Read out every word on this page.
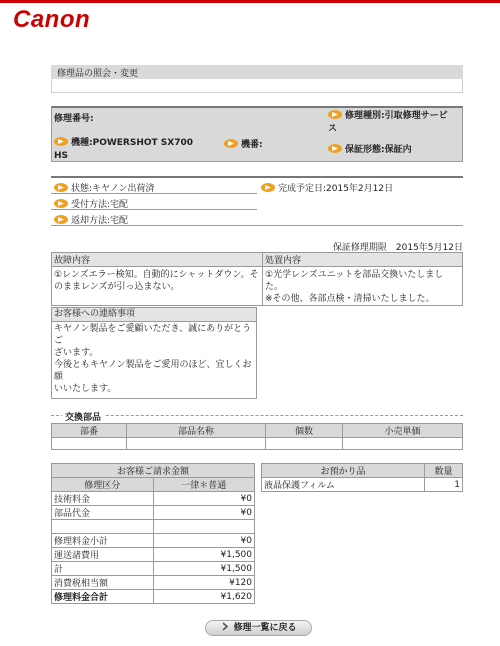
Canon
修理品の照会・変更
修理番号:	修理種別:引取修理サービ
ス
機種:POWERSHOT SX700
HS
機番:	保証形態:保証内
状態:キヤノン出荷済	完成予定日:2015年2月12日
受付方法:宅配
返却方法:宅配
保証修理期限　2015年5月12日
故障内容	処置内容
①レンズエラー検知。自動的にシャットダウン。そ
のままレンズが引っ込まない。	①光学レンズユニットを部品交換いたしました。
※その他、各部点検・清掃いたしました。
お客様への連絡事項
キヤノン製品をご愛顧いただき、誠にありがとうご
ざいます。
今後ともキヤノン製品をご愛用のほど、宜しくお願
いいたします。
交換部品
部番	部品名称	個数	小売単価

お客様ご請求金額	
修理区分	一律＊普通
技術料金	¥0
部品代金	¥0

修理料金小計	¥0
運送諸費用	¥1,500
計	¥1,500
消費税相当額	¥120
修理料金合計	¥1,620
お預かり品	数量
液晶保護フィルム	1
修理一覧に戻る
